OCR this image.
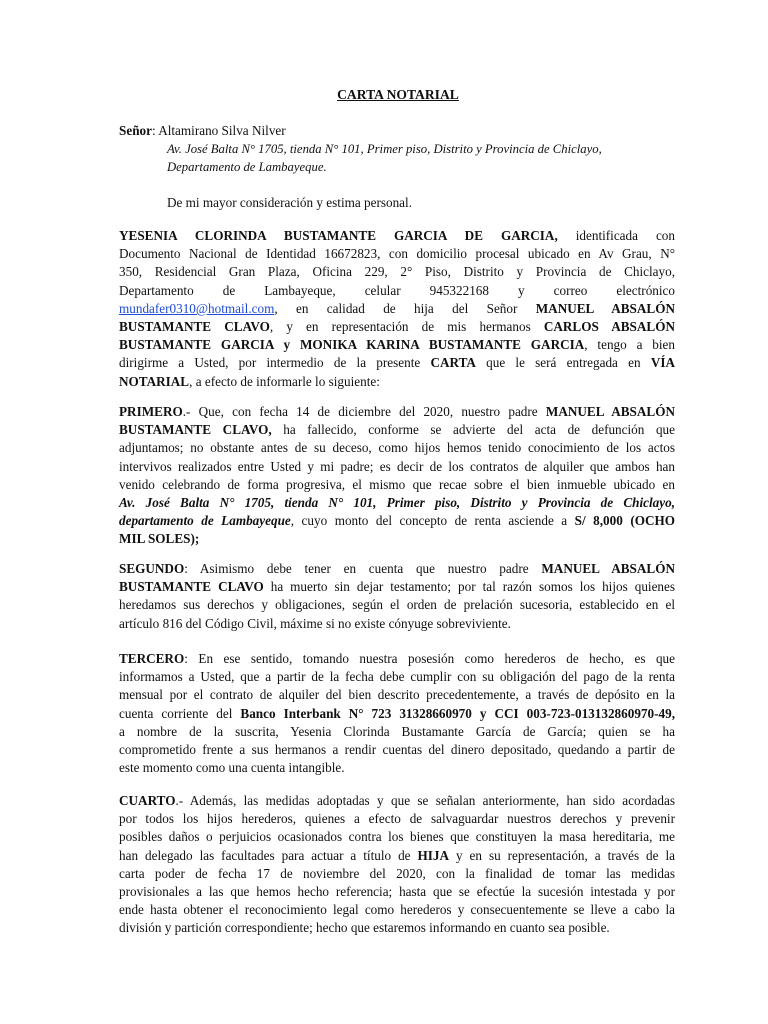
CARTA NOTARIAL
Señor: Altamirano Silva Nilver
Av. José Balta N° 1705, tienda N° 101, Primer piso, Distrito y Provincia de Chiclayo,
Departamento de Lambayeque.
De mi mayor consideración y estima personal.
YESENIA CLORINDA BUSTAMANTE GARCIA DE GARCIA, identificada con
Documento Nacional de Identidad 16672823, con domicilio procesal ubicado en Av Grau, N°
350, Residencial Gran Plaza, Oficina 229, 2° Piso, Distrito y Provincia de Chiclayo,
Departamento de Lambayeque, celular 945322168 y correo electrónico
mundafer0310@hotmail.com, en calidad de hija del Señor MANUEL ABSALÓN
BUSTAMANTE CLAVO, y en representación de mis hermanos CARLOS ABSALÓN
BUSTAMANTE GARCIA y MONIKA KARINA BUSTAMANTE GARCIA, tengo a bien
dirigirme a Usted, por intermedio de la presente CARTA que le será entregada en VÍA
NOTARIAL, a efecto de informarle lo siguiente:
PRIMERO.- Que, con fecha 14 de diciembre del 2020, nuestro padre MANUEL ABSALÓN
BUSTAMANTE CLAVO, ha fallecido, conforme se advierte del acta de defunción que
adjuntamos; no obstante antes de su deceso, como hijos hemos tenido conocimiento de los actos
intervivos realizados entre Usted y mi padre; es decir de los contratos de alquiler que ambos han
venido celebrando de forma progresiva, el mismo que recae sobre el bien inmueble ubicado en
Av. José Balta N° 1705, tienda N° 101, Primer piso, Distrito y Provincia de Chiclayo,
departamento de Lambayeque, cuyo monto del concepto de renta asciende a S/ 8,000 (OCHO
MIL SOLES);
SEGUNDO: Asimismo debe tener en cuenta que nuestro padre MANUEL ABSALÓN
BUSTAMANTE CLAVO ha muerto sin dejar testamento; por tal razón somos los hijos quienes
heredamos sus derechos y obligaciones, según el orden de prelación sucesoria, establecido en el
artículo 816 del Código Civil, máxime si no existe cónyuge sobreviviente.
TERCERO: En ese sentido, tomando nuestra posesión como herederos de hecho, es que
informamos a Usted, que a partir de la fecha debe cumplir con su obligación del pago de la renta
mensual por el contrato de alquiler del bien descrito precedentemente, a través de depósito en la
cuenta corriente del Banco Interbank N° 723 31328660970 y CCI 003-723-013132860970-49,
a nombre de la suscrita, Yesenia Clorinda Bustamante García de García; quien se ha
comprometido frente a sus hermanos a rendir cuentas del dinero depositado, quedando a partir de
este momento como una cuenta intangible.
CUARTO.- Además, las medidas adoptadas y que se señalan anteriormente, han sido acordadas
por todos los hijos herederos, quienes a efecto de salvaguardar nuestros derechos y prevenir
posibles daños o perjuicios ocasionados contra los bienes que constituyen la masa hereditaria, me
han delegado las facultades para actuar a título de HIJA y en su representación, a través de la
carta poder de fecha 17 de noviembre del 2020, con la finalidad de tomar las medidas
provisionales a las que hemos hecho referencia; hasta que se efectúe la sucesión intestada y por
ende hasta obtener el reconocimiento legal como herederos y consecuentemente se lleve a cabo la
división y partición correspondiente; hecho que estaremos informando en cuanto sea posible.
